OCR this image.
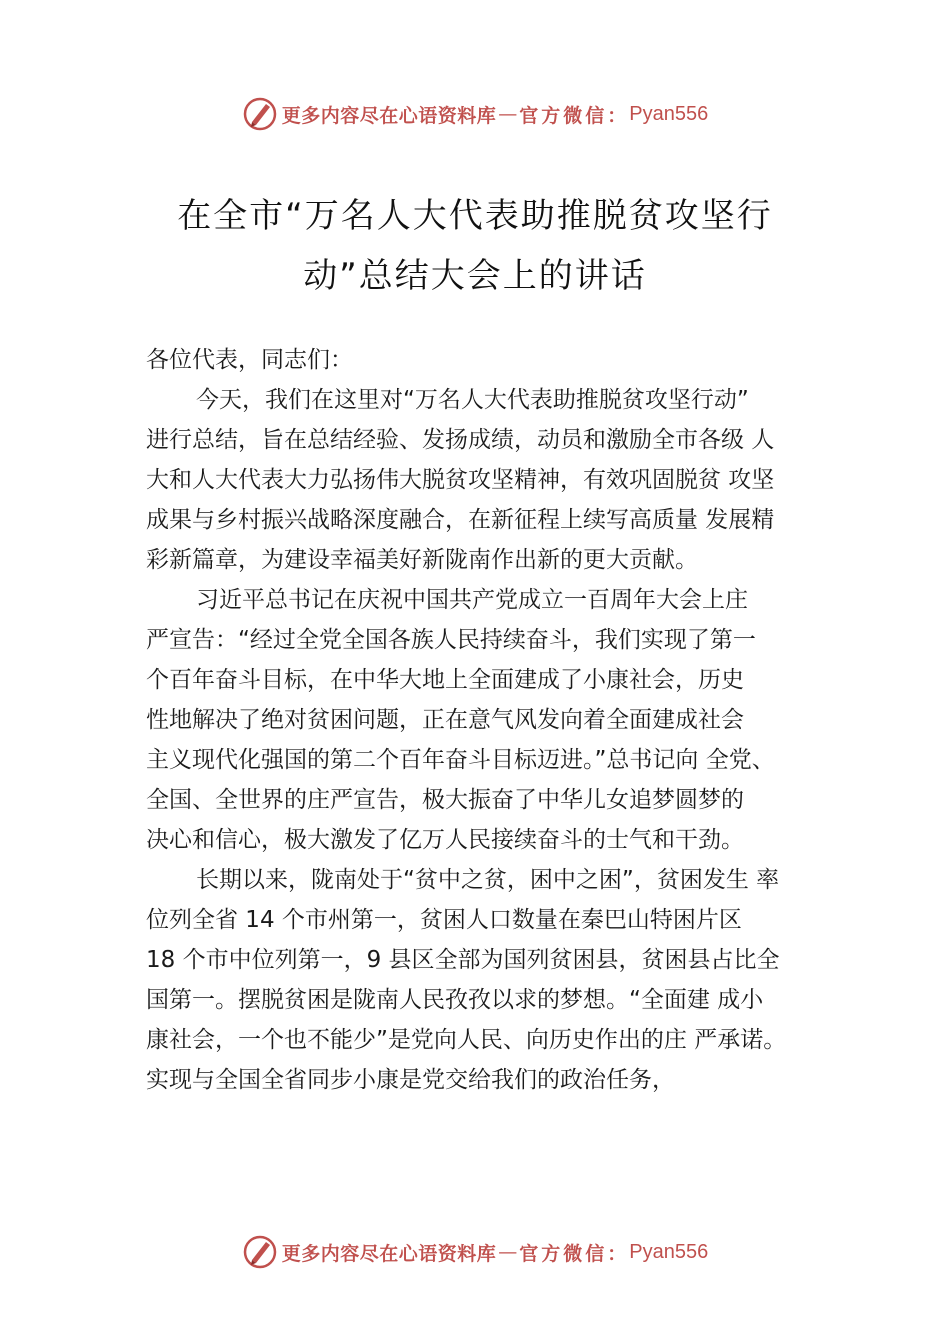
更多内容尽在心语资料库 — 官方微信： Pyan556
在全市“万名人大代表助推脱贫攻坚行
动”总结大会上的讲话
各位代表，同志们：
今天，我们在这里对“万名人大代表助推脱贫攻坚行动”
进行总结，旨在总结经验、发扬成绩，动员和激励全市各级 人
大和人大代表大力弘扬伟大脱贫攻坚精神，有效巩固脱贫 攻坚
成果与乡村振兴战略深度融合，在新征程上续写高质量 发展精
彩新篇章，为建设幸福美好新陇南作出新的更大贡献。
习近平总书记在庆祝中国共产党成立一百周年大会上庄
严宣告：“经过全党全国各族人民持续奋斗，我们实现了第一
个百年奋斗目标，在中华大地上全面建成了小康社会，历史
性地解决了绝对贫困问题，正在意气风发向着全面建成社会
主义现代化强国的第二个百年奋斗目标迈进。”总书记向 全党、
全国、全世界的庄严宣告，极大振奋了中华儿女追梦圆梦的
决心和信心，极大激发了亿万人民接续奋斗的士气和干劲。
长期以来，陇南处于“贫中之贫，困中之困”，贫困发生 率
位列全省 14 个市州第一，贫困人口数量在秦巴山特困片区
18 个市中位列第一，9 县区全部为国列贫困县，贫困县占比全
国第一。摆脱贫困是陇南人民孜孜以求的梦想。“全面建 成小
康社会，一个也不能少”是党向人民、向历史作出的庄 严承诺。
实现与全国全省同步小康是党交给我们的政治任务，
更多内容尽在心语资料库 — 官方微信： Pyan556
